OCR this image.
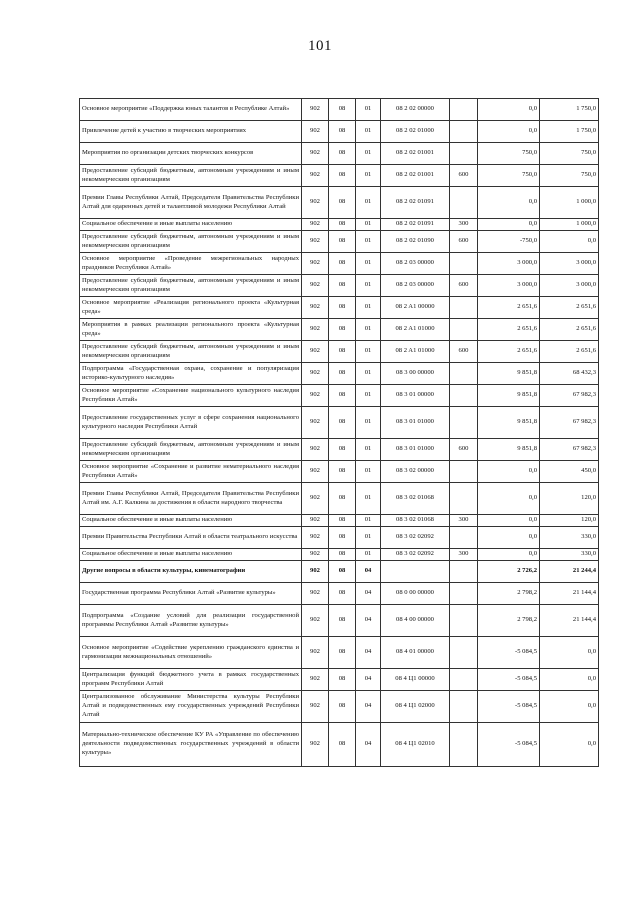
101
Основное мероприятие «Поддержка юных талантов в Республике Алтай»	902	08	01	08 2 02 00000		0,0	1 750,0
Привлечение детей к участию в творческих мероприятиях	902	08	01	08 2 02 01000		0,0	1 750,0
Мероприятия по организации детских творческих конкурсов	902	08	01	08 2 02 01001		750,0	750,0
Предоставление субсидий бюджетным, автономным учреждениям и иным некоммерческим организациям	902	08	01	08 2 02 01001	600	750,0	750,0
Премии Главы Республики Алтай, Председателя Правительства Республики Алтай для одаренных детей и талантливой молодежи Республики Алтай	902	08	01	08 2 02 01091		0,0	1 000,0
Социальное обеспечение и иные выплаты населению	902	08	01	08 2 02 01091	300	0,0	1 000,0
Предоставление субсидий бюджетным, автономным учреждениям и иным некоммерческим организациям	902	08	01	08 2 02 01090	600	-750,0	0,0
Основное мероприятие «Проведение межрегиональных народных праздников Республики Алтай»	902	08	01	08 2 03 00000		3 000,0	3 000,0
Предоставление субсидий бюджетным, автономным учреждениям и иным некоммерческим организациям	902	08	01	08 2 03 00000	600	3 000,0	3 000,0
Основное мероприятие «Реализация регионального проекта «Культурная среда»	902	08	01	08 2 A1 00000		2 651,6	2 651,6
Мероприятия в рамках реализации регионального проекта «Культурная среда»	902	08	01	08 2 A1 01000		2 651,6	2 651,6
Предоставление субсидий бюджетным, автономным учреждениям и иным некоммерческим организациям	902	08	01	08 2 A1 01000	600	2 651,6	2 651,6
Подпрограмма «Государственная охрана, сохранение и популяризация историко-культурного наследия»	902	08	01	08 3 00 00000		9 851,8	68 432,3
Основное мероприятие «Сохранение национального культурного наследия Республики Алтай»	902	08	01	08 3 01 00000		9 851,8	67 982,3
Предоставление государственных услуг в сфере сохранения национального культурного наследия Республики Алтай	902	08	01	08 3 01 01000		9 851,8	67 982,3
Предоставление субсидий бюджетным, автономным учреждениям и иным некоммерческим организациям	902	08	01	08 3 01 01000	600	9 851,8	67 982,3
Основное мероприятие «Сохранение и развитие нематериального наследия Республики Алтай»	902	08	01	08 3 02 00000		0,0	450,0
Премии Главы Республики Алтай, Председателя Правительства Республики Алтай им. А.Г. Калкина за достижения в области народного творчества	902	08	01	08 3 02 01068		0,0	120,0
Социальное обеспечение и иные выплаты населению	902	08	01	08 3 02 01068	300	0,0	120,0
Премии Правительства Республики Алтай в области театрального искусства	902	08	01	08 3 02 02092		0,0	330,0
Социальное обеспечение и иные выплаты населению	902	08	01	08 3 02 02092	300	0,0	330,0
Другие вопросы в области культуры, кинематографии	902	08	04			2 726,2	21 244,4
Государственная программа Республики Алтай «Развитие культуры»	902	08	04	08 0 00 00000		2 798,2	21 144,4
Подпрограмма «Создание условий для реализации государственной программы Республики Алтай «Развитие культуры»	902	08	04	08 4 00 00000		2 798,2	21 144,4
Основное мероприятие «Содействие укреплению гражданского единства и гармонизации межнациональных отношений»	902	08	04	08 4 01 00000		-5 084,5	0,0
Централизация функций бюджетного учета в рамках государственных программ Республики Алтай	902	08	04	08 4 Ц1 00000		-5 084,5	0,0
Централизованное обслуживание Министерства культуры Республики Алтай и подведомственных ему государственных учреждений Республики Алтай	902	08	04	08 4 Ц1 02000		-5 084,5	0,0
Материально-техническое обеспечение КУ РА «Управление по обеспечению деятельности подведомственных государственных учреждений в области культуры»	902	08	04	08 4 Ц1 02010		-5 084,5	0,0
